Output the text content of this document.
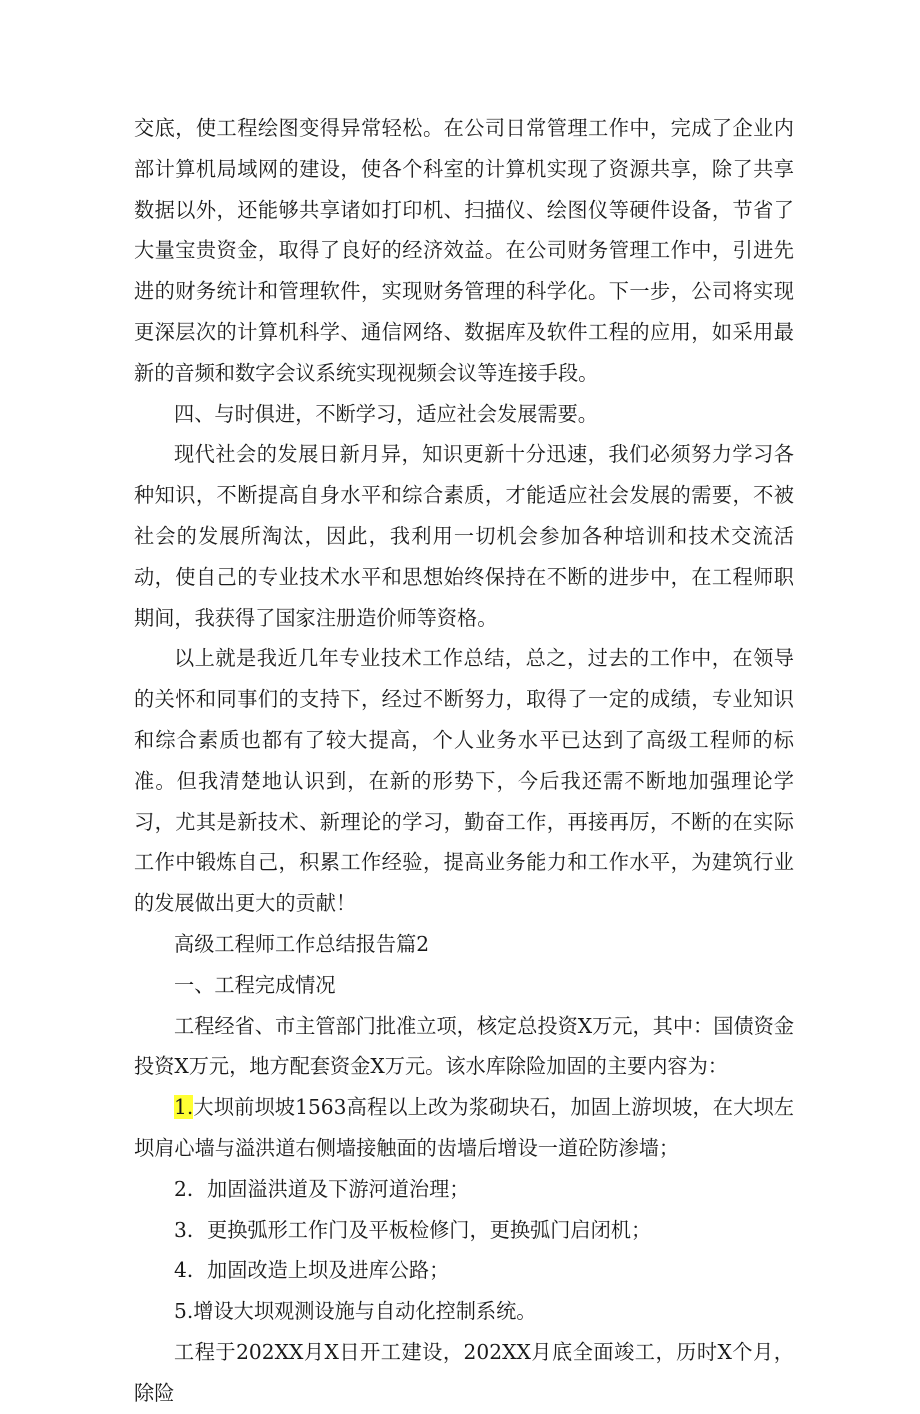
交底，使工程绘图变得异常轻松。在公司日常管理工作中，完成了企业内部计算机局域网的建设，使各个科室的计算机实现了资源共享，除了共享数据以外，还能够共享诸如打印机、扫描仪、绘图仪等硬件设备，节省了大量宝贵资金，取得了良好的经济效益。在公司财务管理工作中，引进先进的财务统计和管理软件，实现财务管理的科学化。下一步，公司将实现更深层次的计算机科学、通信网络、数据库及软件工程的应用，如采用最新的音频和数字会议系统实现视频会议等连接手段。

四、与时俱进，不断学习，适应社会发展需要。

现代社会的发展日新月异，知识更新十分迅速，我们必须努力学习各种知识，不断提高自身水平和综合素质，才能适应社会发展的需要，不被社会的发展所淘汰，因此，我利用一切机会参加各种培训和技术交流活动，使自己的专业技术水平和思想始终保持在不断的进步中，在工程师职期间，我获得了国家注册造价师等资格。

以上就是我近几年专业技术工作总结，总之，过去的工作中，在领导的关怀和同事们的支持下，经过不断努力，取得了一定的成绩，专业知识和综合素质也都有了较大提高，个人业务水平已达到了高级工程师的标准。但我清楚地认识到，在新的形势下，今后我还需不断地加强理论学习，尤其是新技术、新理论的学习，勤奋工作，再接再厉，不断的在实际工作中锻炼自己，积累工作经验，提高业务能力和工作水平，为建筑行业的发展做出更大的贡献！

高级工程师工作总结报告篇2

一、工程完成情况

工程经省、市主管部门批准立项，核定总投资X万元，其中：国债资金投资X万元，地方配套资金X万元。该水库除险加固的主要内容为：

1.大坝前坝坡1563高程以上改为浆砌块石，加固上游坝坡，在大坝左坝肩心墙与溢洪道右侧墙接触面的齿墙后增设一道砼防渗墙；

2．加固溢洪道及下游河道治理；

3．更换弧形工作门及平板检修门，更换弧门启闭机；

4．加固改造上坝及进库公路；

5.增设大坝观测设施与自动化控制系统。

工程于202XX月X日开工建设，202XX月底全面竣工，历时X个月，除险
